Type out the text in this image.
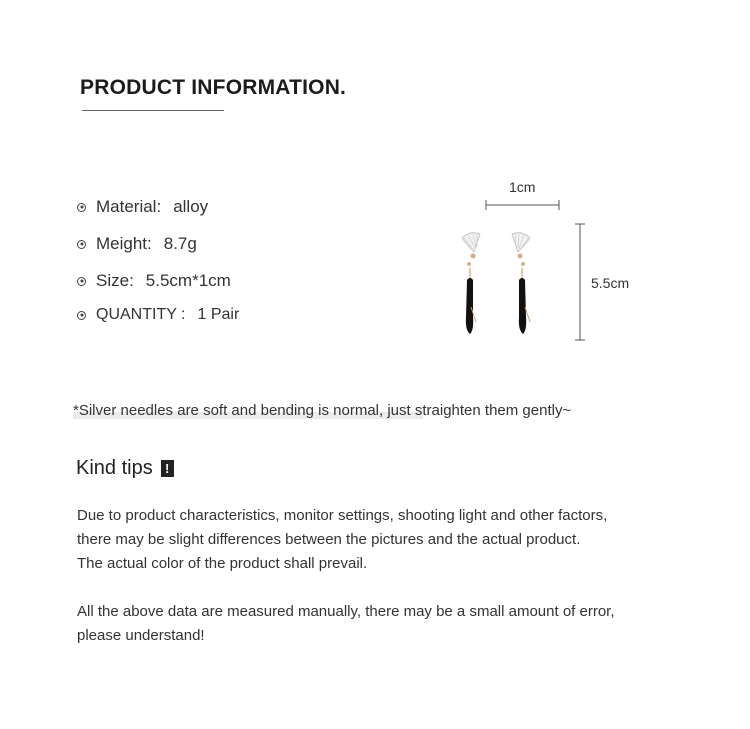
PRODUCT INFORMATION.
Material: alloy
Meight: 8.7g
Size: 5.5cm*1cm
QUANTITY : 1 Pair
1cm
5.5cm
*Silver needles are soft and bending is normal, just straighten them gently~
Kind tips !
Due to product characteristics, monitor settings, shooting light and other factors,
there may be slight differences between the pictures and the actual product.
The actual color of the product shall prevail.
All the above data are measured manually, there may be a small amount of error,
please understand!
